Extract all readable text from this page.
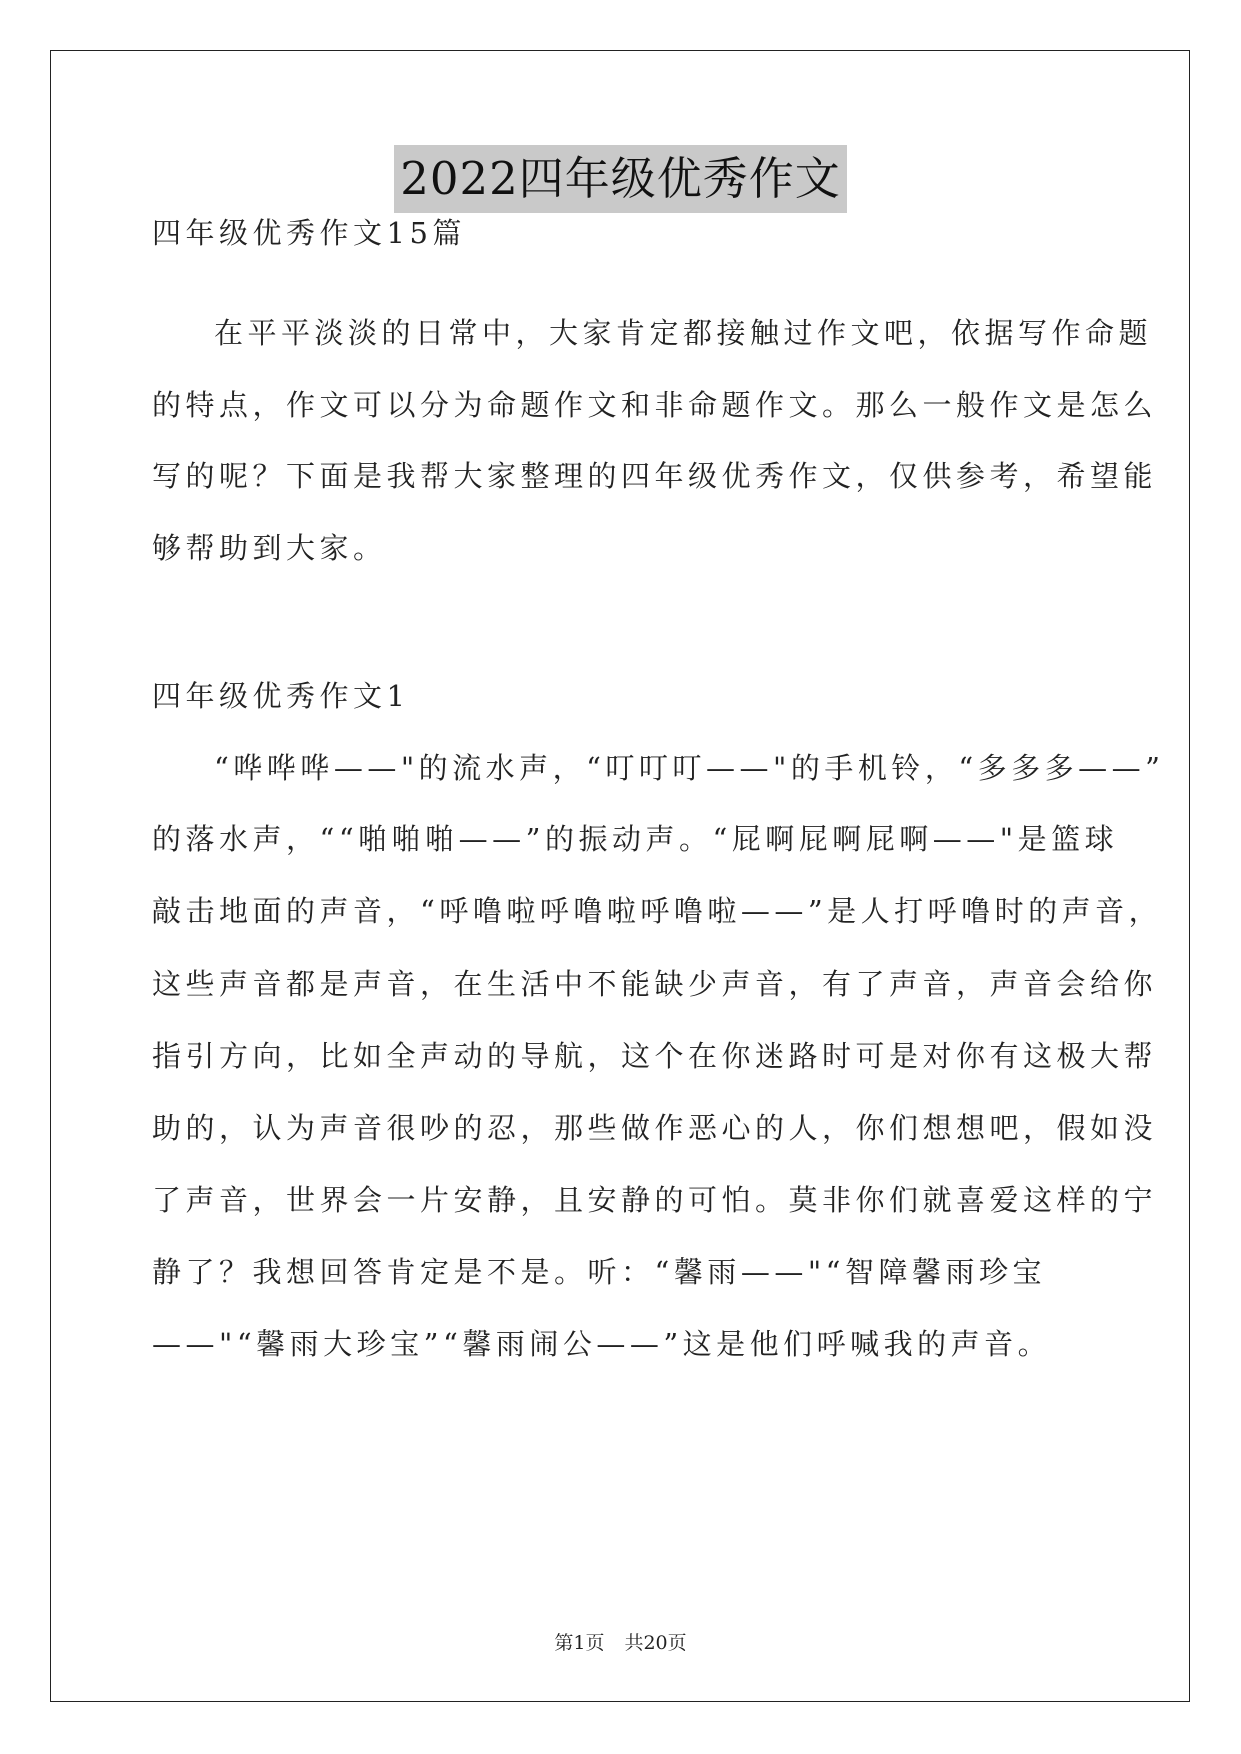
2022四年级优秀作文
四年级优秀作文15篇
在平平淡淡的日常中，大家肯定都接触过作文吧，依据写作命题
的特点，作文可以分为命题作文和非命题作文。那么一般作文是怎么
写的呢？下面是我帮大家整理的四年级优秀作文，仅供参考，希望能
够帮助到大家。
四年级优秀作文1
“哗哗哗——"的流水声，“叮叮叮——"的手机铃，“多多多——”
的落水声，““啪啪啪——”的振动声。“屁啊屁啊屁啊——"是篮球
敲击地面的声音，“呼噜啦呼噜啦呼噜啦——”是人打呼噜时的声音，
这些声音都是声音，在生活中不能缺少声音，有了声音，声音会给你
指引方向，比如全声动的导航，这个在你迷路时可是对你有这极大帮
助的，认为声音很吵的忍，那些做作恶心的人，你们想想吧，假如没
了声音，世界会一片安静，且安静的可怕。莫非你们就喜爱这样的宁
静了？我想回答肯定是不是。听：“馨雨——"“智障馨雨珍宝
——"“馨雨大珍宝”“馨雨闹公——”这是他们呼喊我的声音。
第1页 共20页
